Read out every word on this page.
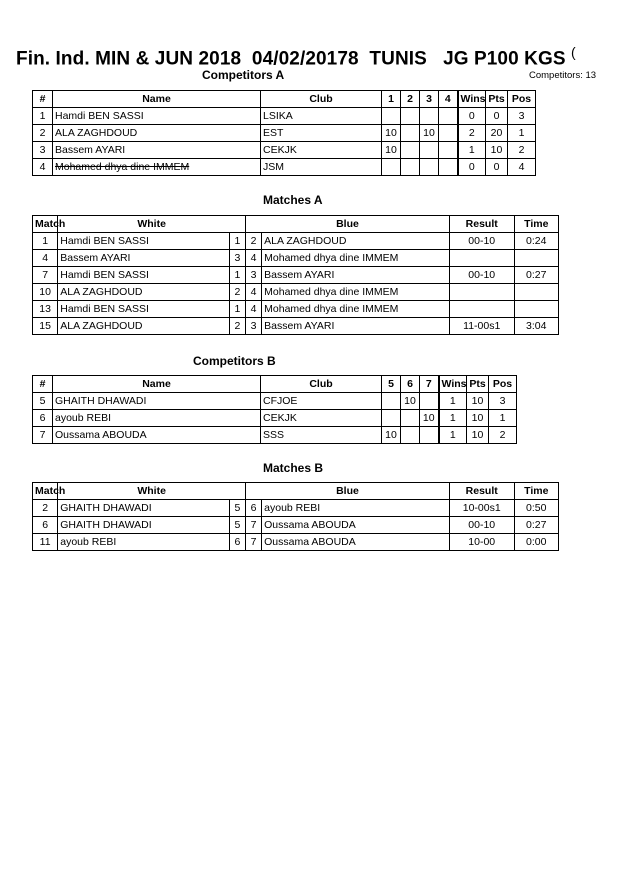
Fin. Ind. MIN & JUN 2018  04/02/20178  TUNIS   JG P100 KGS (
Competitors A	Competitors: 13
#	Name	Club	1	2	3	4	Wins	Pts	Pos
1	Hamdi BEN SASSI	LSIKA					0	0	3
2	ALA ZAGHDOUD	EST	10		10		2	20	1
3	Bassem AYARI	CEKJK	10				1	10	2
4	Mohamed dhya dine IMMEM	JSM					0	0	4
Matches A
Match	White		Blue		Result	Time
1	Hamdi BEN SASSI	1	2	ALA ZAGHDOUD	00-10	0:24
4	Bassem AYARI	3	4	Mohamed dhya dine IMMEM		
7	Hamdi BEN SASSI	1	3	Bassem AYARI	00-10	0:27
10	ALA ZAGHDOUD	2	4	Mohamed dhya dine IMMEM		
13	Hamdi BEN SASSI	1	4	Mohamed dhya dine IMMEM		
15	ALA ZAGHDOUD	2	3	Bassem AYARI	11-00s1	3:04
Competitors B
#	Name	Club	5	6	7	Wins	Pts	Pos
5	GHAITH DHAWADI	CFJOE		10		1	10	3
6	ayoub REBI	CEKJK			10	1	10	1
7	Oussama ABOUDA	SSS	10			1	10	2
Matches B
Match	White		Blue		Result	Time
2	GHAITH DHAWADI	5	6	ayoub REBI	10-00s1	0:50
6	GHAITH DHAWADI	5	7	Oussama ABOUDA	00-10	0:27
11	ayoub REBI	6	7	Oussama ABOUDA	10-00	0:00
